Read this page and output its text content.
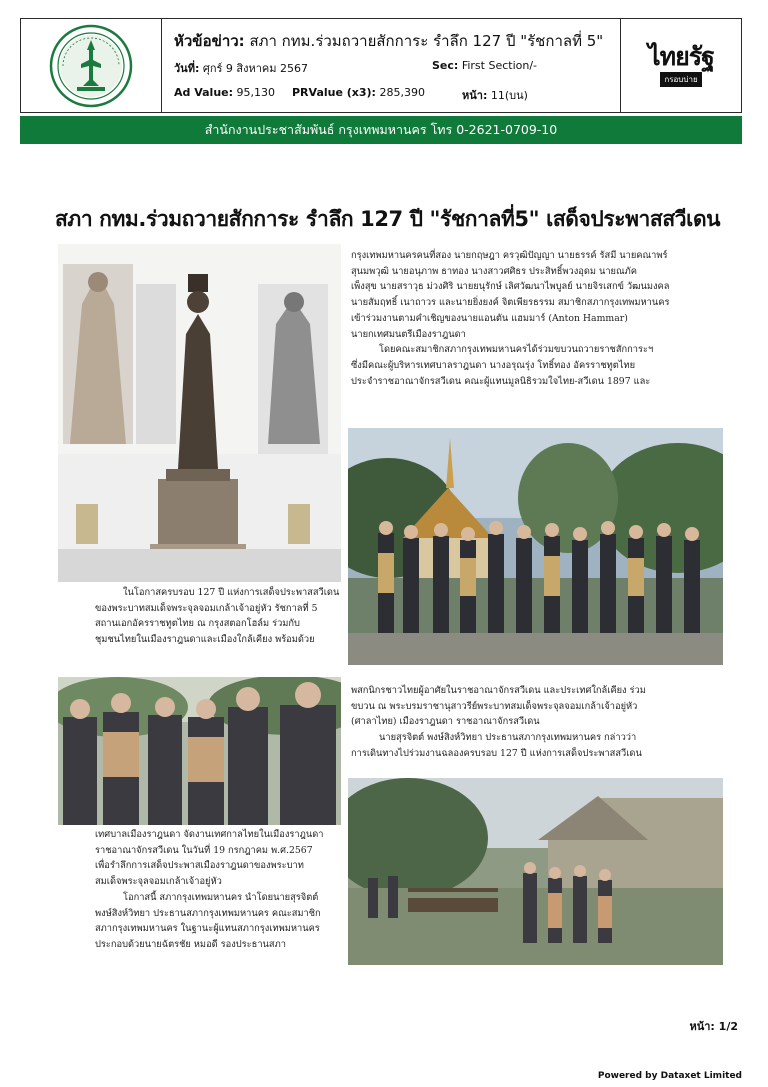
หัวข้อข่าว: สภา กทม.ร่วมถวายสักการะ รำลึก 127 ปี "รัชกาลที่ 5"
วันที่: ศุกร์ 9 สิงหาคม 2567	Sec: First Section/-
Ad Value: 95,130 PRValue (x3): 285,390	หน้า: 11(บน)
ไทยรัฐ
กรอบบ่าย
สำนักงานประชาสัมพันธ์ กรุงเทพมหานคร โทร 0-2621-0709-10
สภา กทม.ร่วมถวายสักการะ รำลึก 127 ปี "รัชกาลที่5" เสด็จประพาสสวีเดน

กรุงเทพมหานครคนที่สอง นายกฤษฎา ครวุฒิปัญญา นายธรรค์ รัสมี นายคณาพร์

สุนมพวุฒิ นายอนุภาพ ธาทอง นางสาวศศิธร ประสิทธิ์พวงอุดม นายณภัค

เพ็งสุข นายสราวุธ ม่วงศิริ นายยนุรักษ์ เลิศวัฒนาไพบูลย์ นายจิรเสกข์ วัฒนมงคล

นายสัมฤทธิ์ เนาถาวร และนายยิ่งยงค์ จิตเพียรธรรม สมาชิกสภากรุงเทพมหานคร

เข้าร่วมงานตามคำเชิญของนายแอนตัน แฮมมาร์ (Anton Hammar)

นายกเทศมนตรีเมืองราฎนดา

โดยคณะสมาชิกสภากรุงเทพมหานครได้ร่วมขบวนถวายราชสักการะฯ

ซึ่งมีคณะผู้บริหารเทศบาลราฎนดา นางอรุณรุ่ง โทธิ์ทอง อัครราชทูตไทย

ประจำราชอาณาจักรสวีเดน คณะผู้แทนมูลนิธิรวมใจไทย-สวีเดน 1897 และ

ในโอกาสครบรอบ 127 ปี แห่งการเสด็จประพาสสวีเดน

ของพระบาทสมเด็จพระจุลจอมเกล้าเจ้าอยู่หัว รัชกาลที่ 5

สถานเอกอัครราชทูตไทย ณ กรุงสตอกโฮล์ม ร่วมกับ

ชุมชนไทยในเมืองราฎนดาและเมืองใกล้เคียง พร้อมด้วย

พสกนิกรชาวไทยผู้อาศัยในราชอาณาจักรสวีเดน และประเทศใกล้เคียง ร่วม

ขบวน ณ พระบรมราชานุสาวรีย์พระบาทสมเด็จพระจุลจอมเกล้าเจ้าอยู่หัว

(ศาลาไทย) เมืองราฎนดา ราชอาณาจักรสวีเดน

นายสุรจิตต์ พงษ์สิงห์วิทยา ประธานสภากรุงเทพมหานคร กล่าวว่า

การเดินทางไปร่วมงานฉลองครบรอบ 127 ปี แห่งการเสด็จประพาสสวีเดน

เทศบาลเมืองราฎนดา จัดงานเทศกาลไทยในเมืองราฎนดา

ราชอาณาจักรสวีเดน ในวันที่ 19 กรกฎาคม พ.ศ.2567

เพื่อรำลึกการเสด็จประพาสเมืองราฎนดาของพระบาท

สมเด็จพระจุลจอมเกล้าเจ้าอยู่หัว

โอกาสนี้ สภากรุงเทพมหานคร นำโดยนายสุรจิตต์

พงษ์สิงห์วิทยา ประธานสภากรุงเทพมหานคร คณะสมาชิก

สภากรุงเทพมหานคร ในฐานะผู้แทนสภากรุงเทพมหานคร

ประกอบด้วยนายฉัตรชัย หมอดี รองประธานสภา

หน้า: 1/2
Powered by Dataxet Limited
